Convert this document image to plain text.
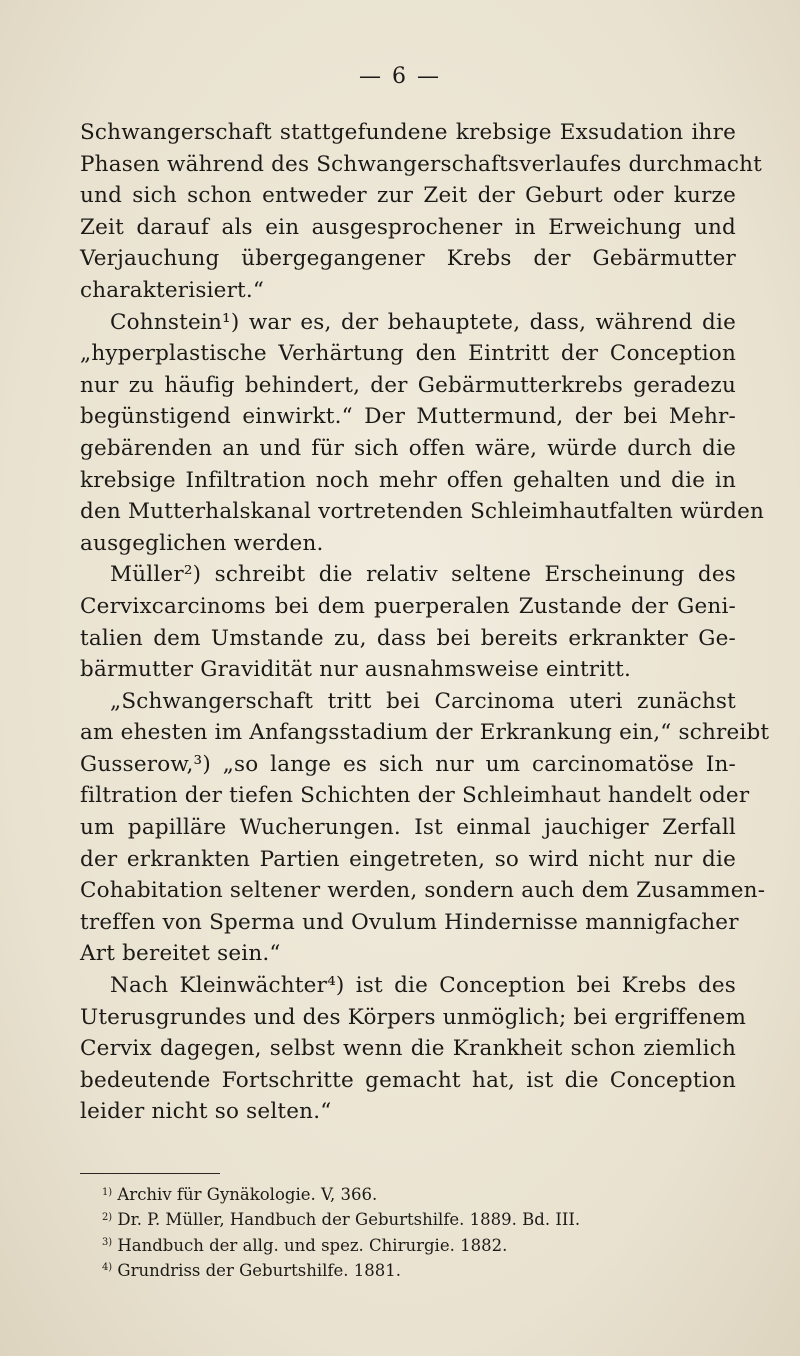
— 6 —
Schwangerschaft stattgefundene krebsige Exsudation ihre
Phasen während des Schwangerschaftsverlaufes durchmacht
und sich schon entweder zur Zeit der Geburt oder kurze
Zeit darauf als ein ausgesprochener in Erweichung und
Verjauchung übergegangener Krebs der Gebärmutter
charakterisiert.“
Cohnstein¹) war es, der behauptete, dass, während die
„hyperplastische Verhärtung den Eintritt der Conception
nur zu häufig behindert, der Gebärmutterkrebs geradezu
begünstigend einwirkt.“ Der Muttermund, der bei Mehr-
gebärenden an und für sich offen wäre, würde durch die
krebsige Infiltration noch mehr offen gehalten und die in
den Mutterhalskanal vortretenden Schleimhautfalten würden
ausgeglichen werden.
Müller²) schreibt die relativ seltene Erscheinung des
Cervixcarcinoms bei dem puerperalen Zustande der Geni-
talien dem Umstande zu, dass bei bereits erkrankter Ge-
bärmutter Gravidität nur ausnahmsweise eintritt.
„Schwangerschaft tritt bei Carcinoma uteri zunächst
am ehesten im Anfangsstadium der Erkrankung ein,“ schreibt
Gusserow,³) „so lange es sich nur um carcinomatöse In-
filtration der tiefen Schichten der Schleimhaut handelt oder
um papilläre Wucherungen. Ist einmal jauchiger Zerfall
der erkrankten Partien eingetreten, so wird nicht nur die
Cohabitation seltener werden, sondern auch dem Zusammen-
treffen von Sperma und Ovulum Hindernisse mannigfacher
Art bereitet sein.“
Nach Kleinwächter⁴) ist die Conception bei Krebs des
Uterusgrundes und des Körpers unmöglich; bei ergriffenem
Cervix dagegen, selbst wenn die Krankheit schon ziemlich
bedeutende Fortschritte gemacht hat, ist die Conception
leider nicht so selten.“
$^{1)}$ Archiv für Gynäkologie. V, 366.
$^{2)}$ Dr. P. Müller, Handbuch der Geburtshilfe. 1889. Bd. III.
$^{3)}$ Handbuch der allg. und spez. Chirurgie. 1882.
$^{4)}$ Grundriss der Geburtshilfe. 1881.
